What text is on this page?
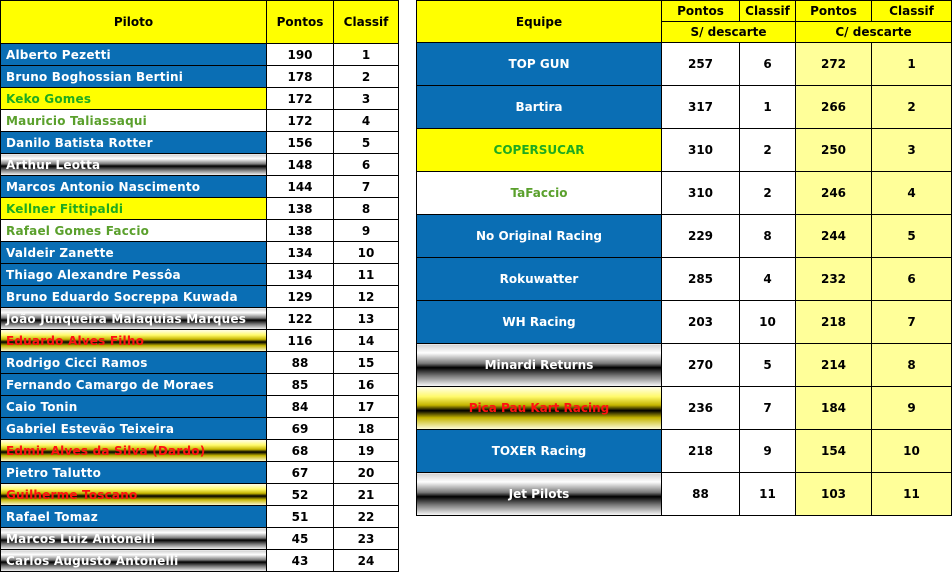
Piloto	Pontos	Classif
Alberto Pezetti	190	1
Bruno Boghossian Bertini	178	2
Keko Gomes	172	3
Mauricio Taliassaqui	172	4
Danilo Batista Rotter	156	5
Arthur Leotta	148	6
Marcos Antonio Nascimento	144	7
Kellner Fittipaldi	138	8
Rafael Gomes Faccio	138	9
Valdeir Zanette	134	10
Thiago Alexandre Pessôa	134	11
Bruno Eduardo Socreppa Kuwada	129	12
João Junqueira Malaquias Marques	122	13
Eduardo Alves Filho	116	14
Rodrigo Cicci Ramos	88	15
Fernando Camargo de Moraes	85	16
Caio Tonin	84	17
Gabriel Estevão Teixeira	69	18
Edmir Alves da Silva (Dardo)	68	19
Pietro Talutto	67	20
Guilherme Toscano	52	21
Rafael Tomaz	51	22
Marcos Luiz Antonelli	45	23
Carlos Augusto Antonelli	43	24
Equipe	Pontos	Classif	Pontos	Classif
	S/ descarte		C/ descarte	
TOP GUN	257	6	272	1
Bartira	317	1	266	2
COPERSUCAR	310	2	250	3
TaFaccio	310	2	246	4
No Original Racing	229	8	244	5
Rokuwatter	285	4	232	6
WH Racing	203	10	218	7
Minardi Returns	270	5	214	8
Pica Pau Kart Racing	236	7	184	9
TOXER Racing	218	9	154	10
Jet Pilots	88	11	103	11
